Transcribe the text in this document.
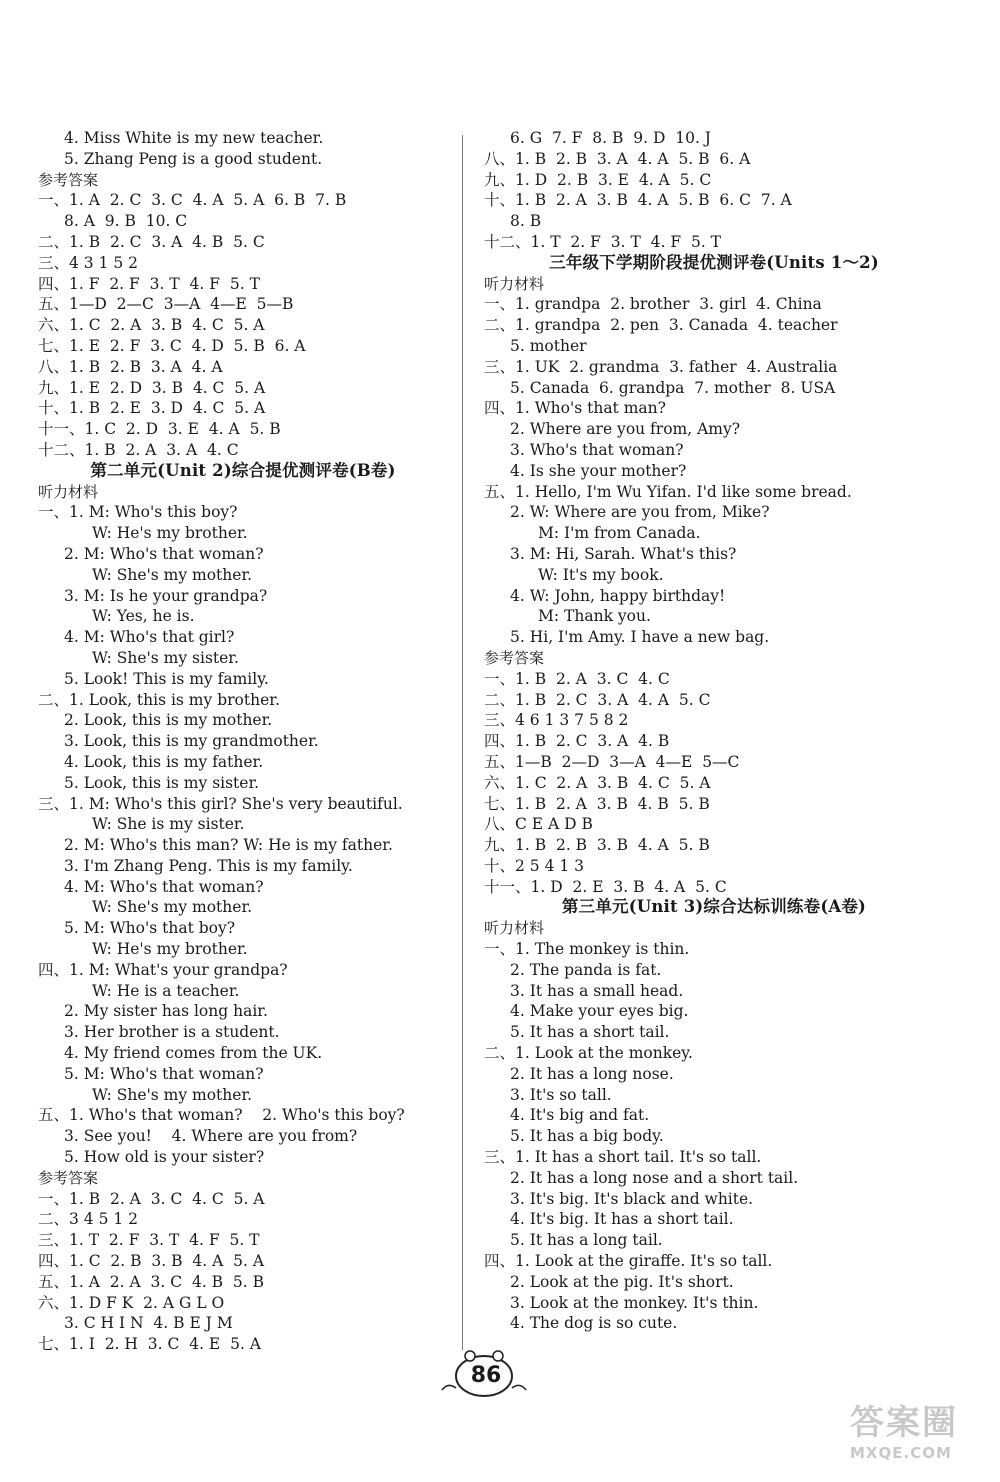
4. Miss White is my new teacher.
5. Zhang Peng is a good student.
参考答案
一、1. A  2. C  3. C  4. A  5. A  6. B  7. B
8. A  9. B  10. C
二、1. B  2. C  3. A  4. B  5. C
三、4 3 1 5 2
四、1. F  2. F  3. T  4. F  5. T
五、1—D  2—C  3—A  4—E  5—B
六、1. C  2. A  3. B  4. C  5. A
七、1. E  2. F  3. C  4. D  5. B  6. A
八、1. B  2. B  3. A  4. A
九、1. E  2. D  3. B  4. C  5. A
十、1. B  2. E  3. D  4. C  5. A
十一、1. C  2. D  3. E  4. A  5. B
十二、1. B  2. A  3. A  4. C
第二单元(Unit 2)综合提优测评卷(B卷)
听力材料
一、1. M: Who's this boy?
W: He's my brother.
2. M: Who's that woman?
W: She's my mother.
3. M: Is he your grandpa?
W: Yes, he is.
4. M: Who's that girl?
W: She's my sister.
5. Look! This is my family.
二、1. Look, this is my brother.
2. Look, this is my mother.
3. Look, this is my grandmother.
4. Look, this is my father.
5. Look, this is my sister.
三、1. M: Who's this girl? She's very beautiful.
W: She is my sister.
2. M: Who's this man? W: He is my father.
3. I'm Zhang Peng. This is my family.
4. M: Who's that woman?
W: She's my mother.
5. M: Who's that boy?
W: He's my brother.
四、1. M: What's your grandpa?
W: He is a teacher.
2. My sister has long hair.
3. Her brother is a student.
4. My friend comes from the UK.
5. M: Who's that woman?
W: She's my mother.
五、1. Who's that woman?    2. Who's this boy?
3. See you!    4. Where are you from?
5. How old is your sister?
参考答案
一、1. B  2. A  3. C  4. C  5. A
二、3 4 5 1 2
三、1. T  2. F  3. T  4. F  5. T
四、1. C  2. B  3. B  4. A  5. A
五、1. A  2. A  3. C  4. B  5. B
六、1. D F K  2. A G L O
3. C H I N  4. B E J M
七、1. I  2. H  3. C  4. E  5. A
6. G  7. F  8. B  9. D  10. J
八、1. B  2. B  3. A  4. A  5. B  6. A
九、1. D  2. B  3. E  4. A  5. C
十、1. B  2. A  3. B  4. A  5. B  6. C  7. A
8. B
十二、1. T  2. F  3. T  4. F  5. T
三年级下学期阶段提优测评卷(Units 1～2)
听力材料
一、1. grandpa  2. brother  3. girl  4. China
二、1. grandpa  2. pen  3. Canada  4. teacher
5. mother
三、1. UK  2. grandma  3. father  4. Australia
5. Canada  6. grandpa  7. mother  8. USA
四、1. Who's that man?
2. Where are you from, Amy?
3. Who's that woman?
4. Is she your mother?
五、1. Hello, I'm Wu Yifan. I'd like some bread.
2. W: Where are you from, Mike?
M: I'm from Canada.
3. M: Hi, Sarah. What's this?
W: It's my book.
4. W: John, happy birthday!
M: Thank you.
5. Hi, I'm Amy. I have a new bag.
参考答案
一、1. B  2. A  3. C  4. C
二、1. B  2. C  3. A  4. A  5. C
三、4 6 1 3 7 5 8 2
四、1. B  2. C  3. A  4. B
五、1—B  2—D  3—A  4—E  5—C
六、1. C  2. A  3. B  4. C  5. A
七、1. B  2. A  3. B  4. B  5. B
八、C E A D B
九、1. B  2. B  3. B  4. A  5. B
十、2 5 4 1 3
十一、1. D  2. E  3. B  4. A  5. C
第三单元(Unit 3)综合达标训练卷(A卷)
听力材料
一、1. The monkey is thin.
2. The panda is fat.
3. It has a small head.
4. Make your eyes big.
5. It has a short tail.
二、1. Look at the monkey.
2. It has a long nose.
3. It's so tall.
4. It's big and fat.
5. It has a big body.
三、1. It has a short tail. It's so tall.
2. It has a long nose and a short tail.
3. It's big. It's black and white.
4. It's big. It has a short tail.
5. It has a long tail.
四、1. Look at the giraffe. It's so tall.
2. Look at the pig. It's short.
3. Look at the monkey. It's thin.
4. The dog is so cute.
86
答案圈
MXQE.COM
